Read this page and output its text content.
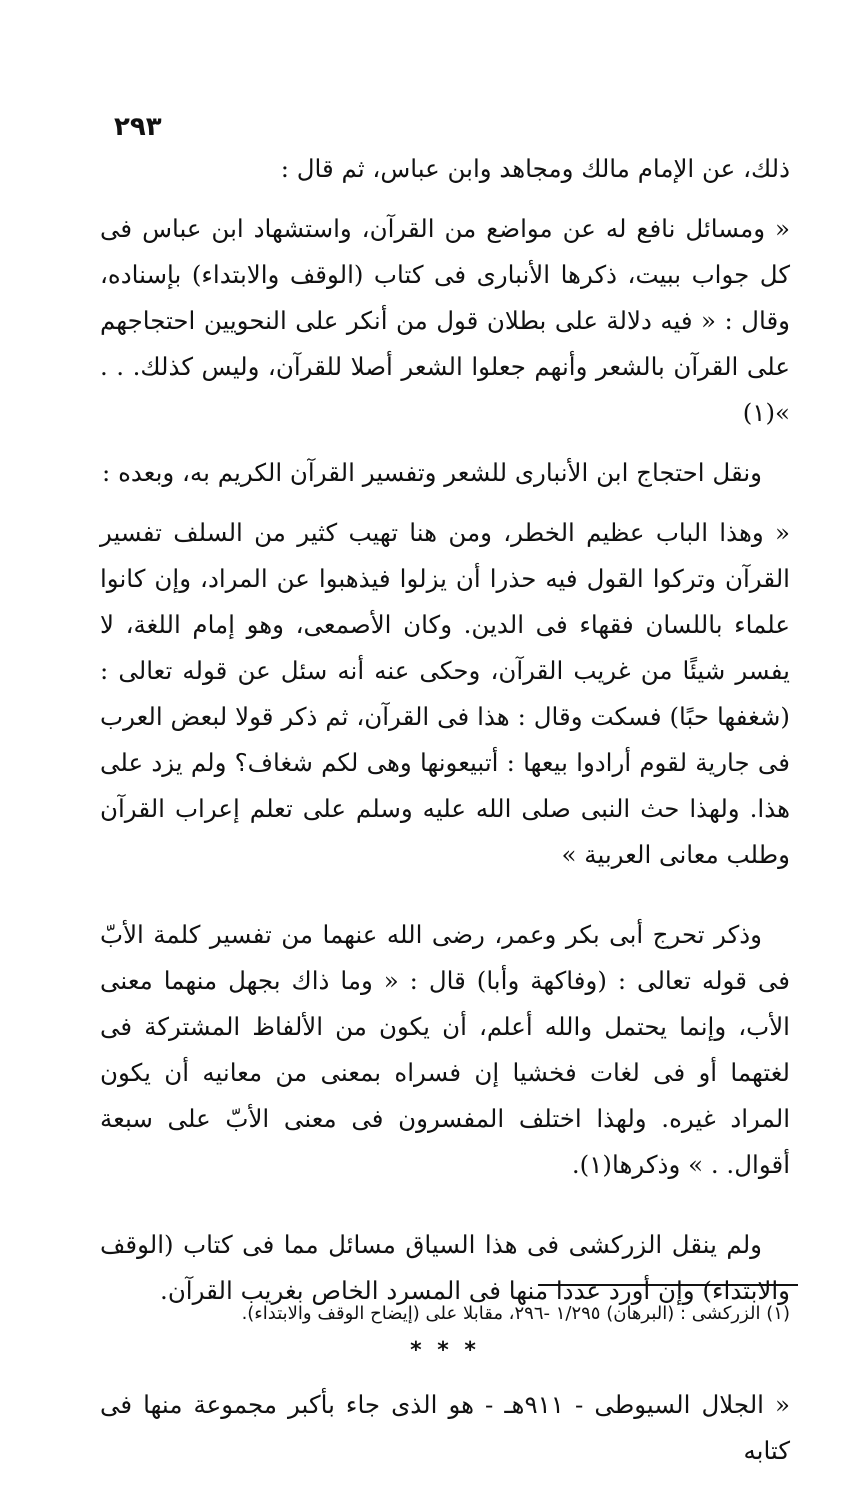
٢٩٣

ذلك، عن الإمام مالك ومجاهد وابن عباس، ثم قال :

« ومسائل نافع له عن مواضع من القرآن، واستشهاد ابن عباس فى كل جواب ببيت، ذكرها الأنبارى فى كتاب (الوقف والابتداء) بإسناده، وقال : « فيه دلالة على بطلان قول من أنكر على النحويين احتجاجهم على القرآن بالشعر وأنهم جعلوا الشعر أصلا للقرآن، وليس كذلك. . . »(١)

ونقل احتجاج ابن الأنبارى للشعر وتفسير القرآن الكريم به، وبعده :

« وهذا الباب عظيم الخطر، ومن هنا تهيب كثير من السلف تفسير القرآن وتركوا القول فيه حذرا أن يزلوا فيذهبوا عن المراد، وإن كانوا علماء باللسان فقهاء فى الدين. وكان الأصمعى، وهو إمام اللغة، لا يفسر شيئًا من غريب القرآن، وحكى عنه أنه سئل عن قوله تعالى : (شغفها حبًا) فسكت وقال : هذا فى القرآن، ثم ذكر قولا لبعض العرب فى جارية لقوم أرادوا بيعها : أتبيعونها وهى لكم شغاف؟ ولم يزد على هذا. ولهذا حث النبى صلى الله عليه وسلم على تعلم إعراب القرآن وطلب معانى العربية »

وذكر تحرج أبى بكر وعمر، رضى الله عنهما من تفسير كلمة الأبّ فى قوله تعالى : (وفاكهة وأبا) قال : « وما ذاك بجهل منهما معنى الأب، وإنما يحتمل والله أعلم، أن يكون من الألفاظ المشتركة فى لغتهما أو فى لغات فخشيا إن فسراه بمعنى من معانيه أن يكون المراد غيره. ولهذا اختلف المفسرون فى معنى الأبّ على سبعة أقوال. . » وذكرها(١).

ولم ينقل الزركشى فى هذا السياق مسائل مما فى كتاب (الوقف والابتداء) وإن أورد عددا منها فى المسرد الخاص بغريب القرآن.

* * *

« الجلال السيوطى - ٩١١هـ - هو الذى جاء بأكبر مجموعة منها فى كتابه

(١) الزركشى : (البرهان) ١/٢٩٥ -٢٩٦، مقابلا على (إيضاح الوقف والابتداء).
